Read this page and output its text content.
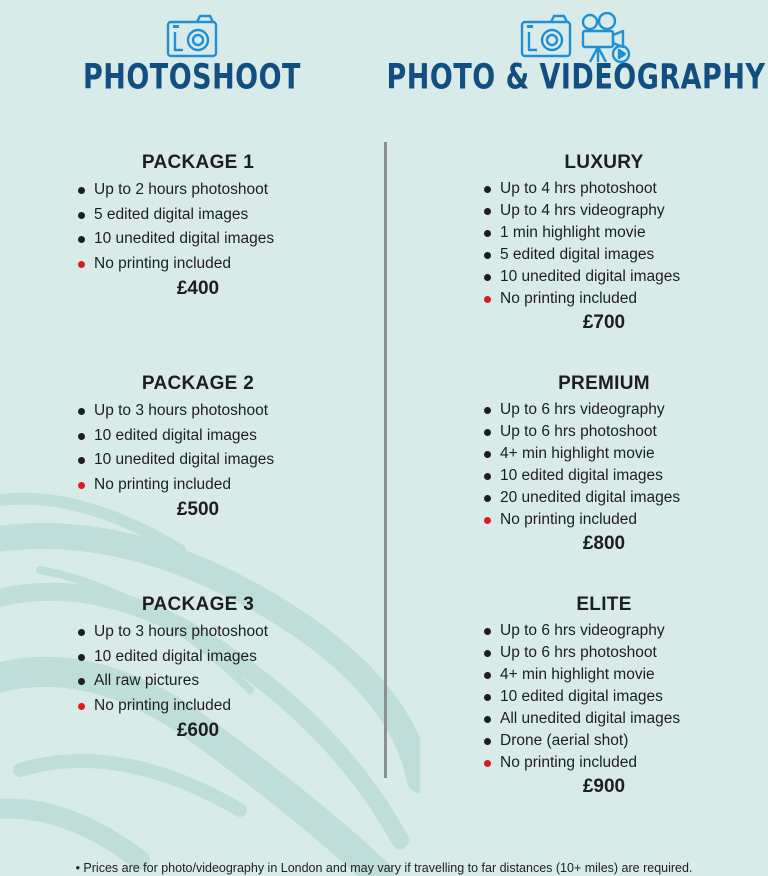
PHOTOSHOOT
PACKAGE 1
Up to 2 hours photoshoot
5 edited digital images
10 unedited digital images
No printing included
£400
PACKAGE 2
Up to 3 hours photoshoot
10 edited digital images
10 unedited digital images
No printing included
£500
PACKAGE 3
Up to 3 hours photoshoot
10 edited digital images
All raw pictures
No printing included
£600
PHOTO & VIDEOGRAPHY
LUXURY
Up to 4 hrs photoshoot
Up to 4 hrs videography
1 min highlight movie
5 edited digital images
10 unedited digital images
No printing included
£700
PREMIUM
Up to 6 hrs videography
Up to 6 hrs photoshoot
4+ min highlight movie
10 edited digital images
20 unedited digital images
No printing included
£800
ELITE
Up to 6 hrs videography
Up to 6 hrs photoshoot
4+ min highlight movie
10 edited digital images
All unedited digital images
Drone (aerial shot)
No printing included
£900
• Prices are for photo/videography in London and may vary if travelling to far distances (10+ miles) are required.
